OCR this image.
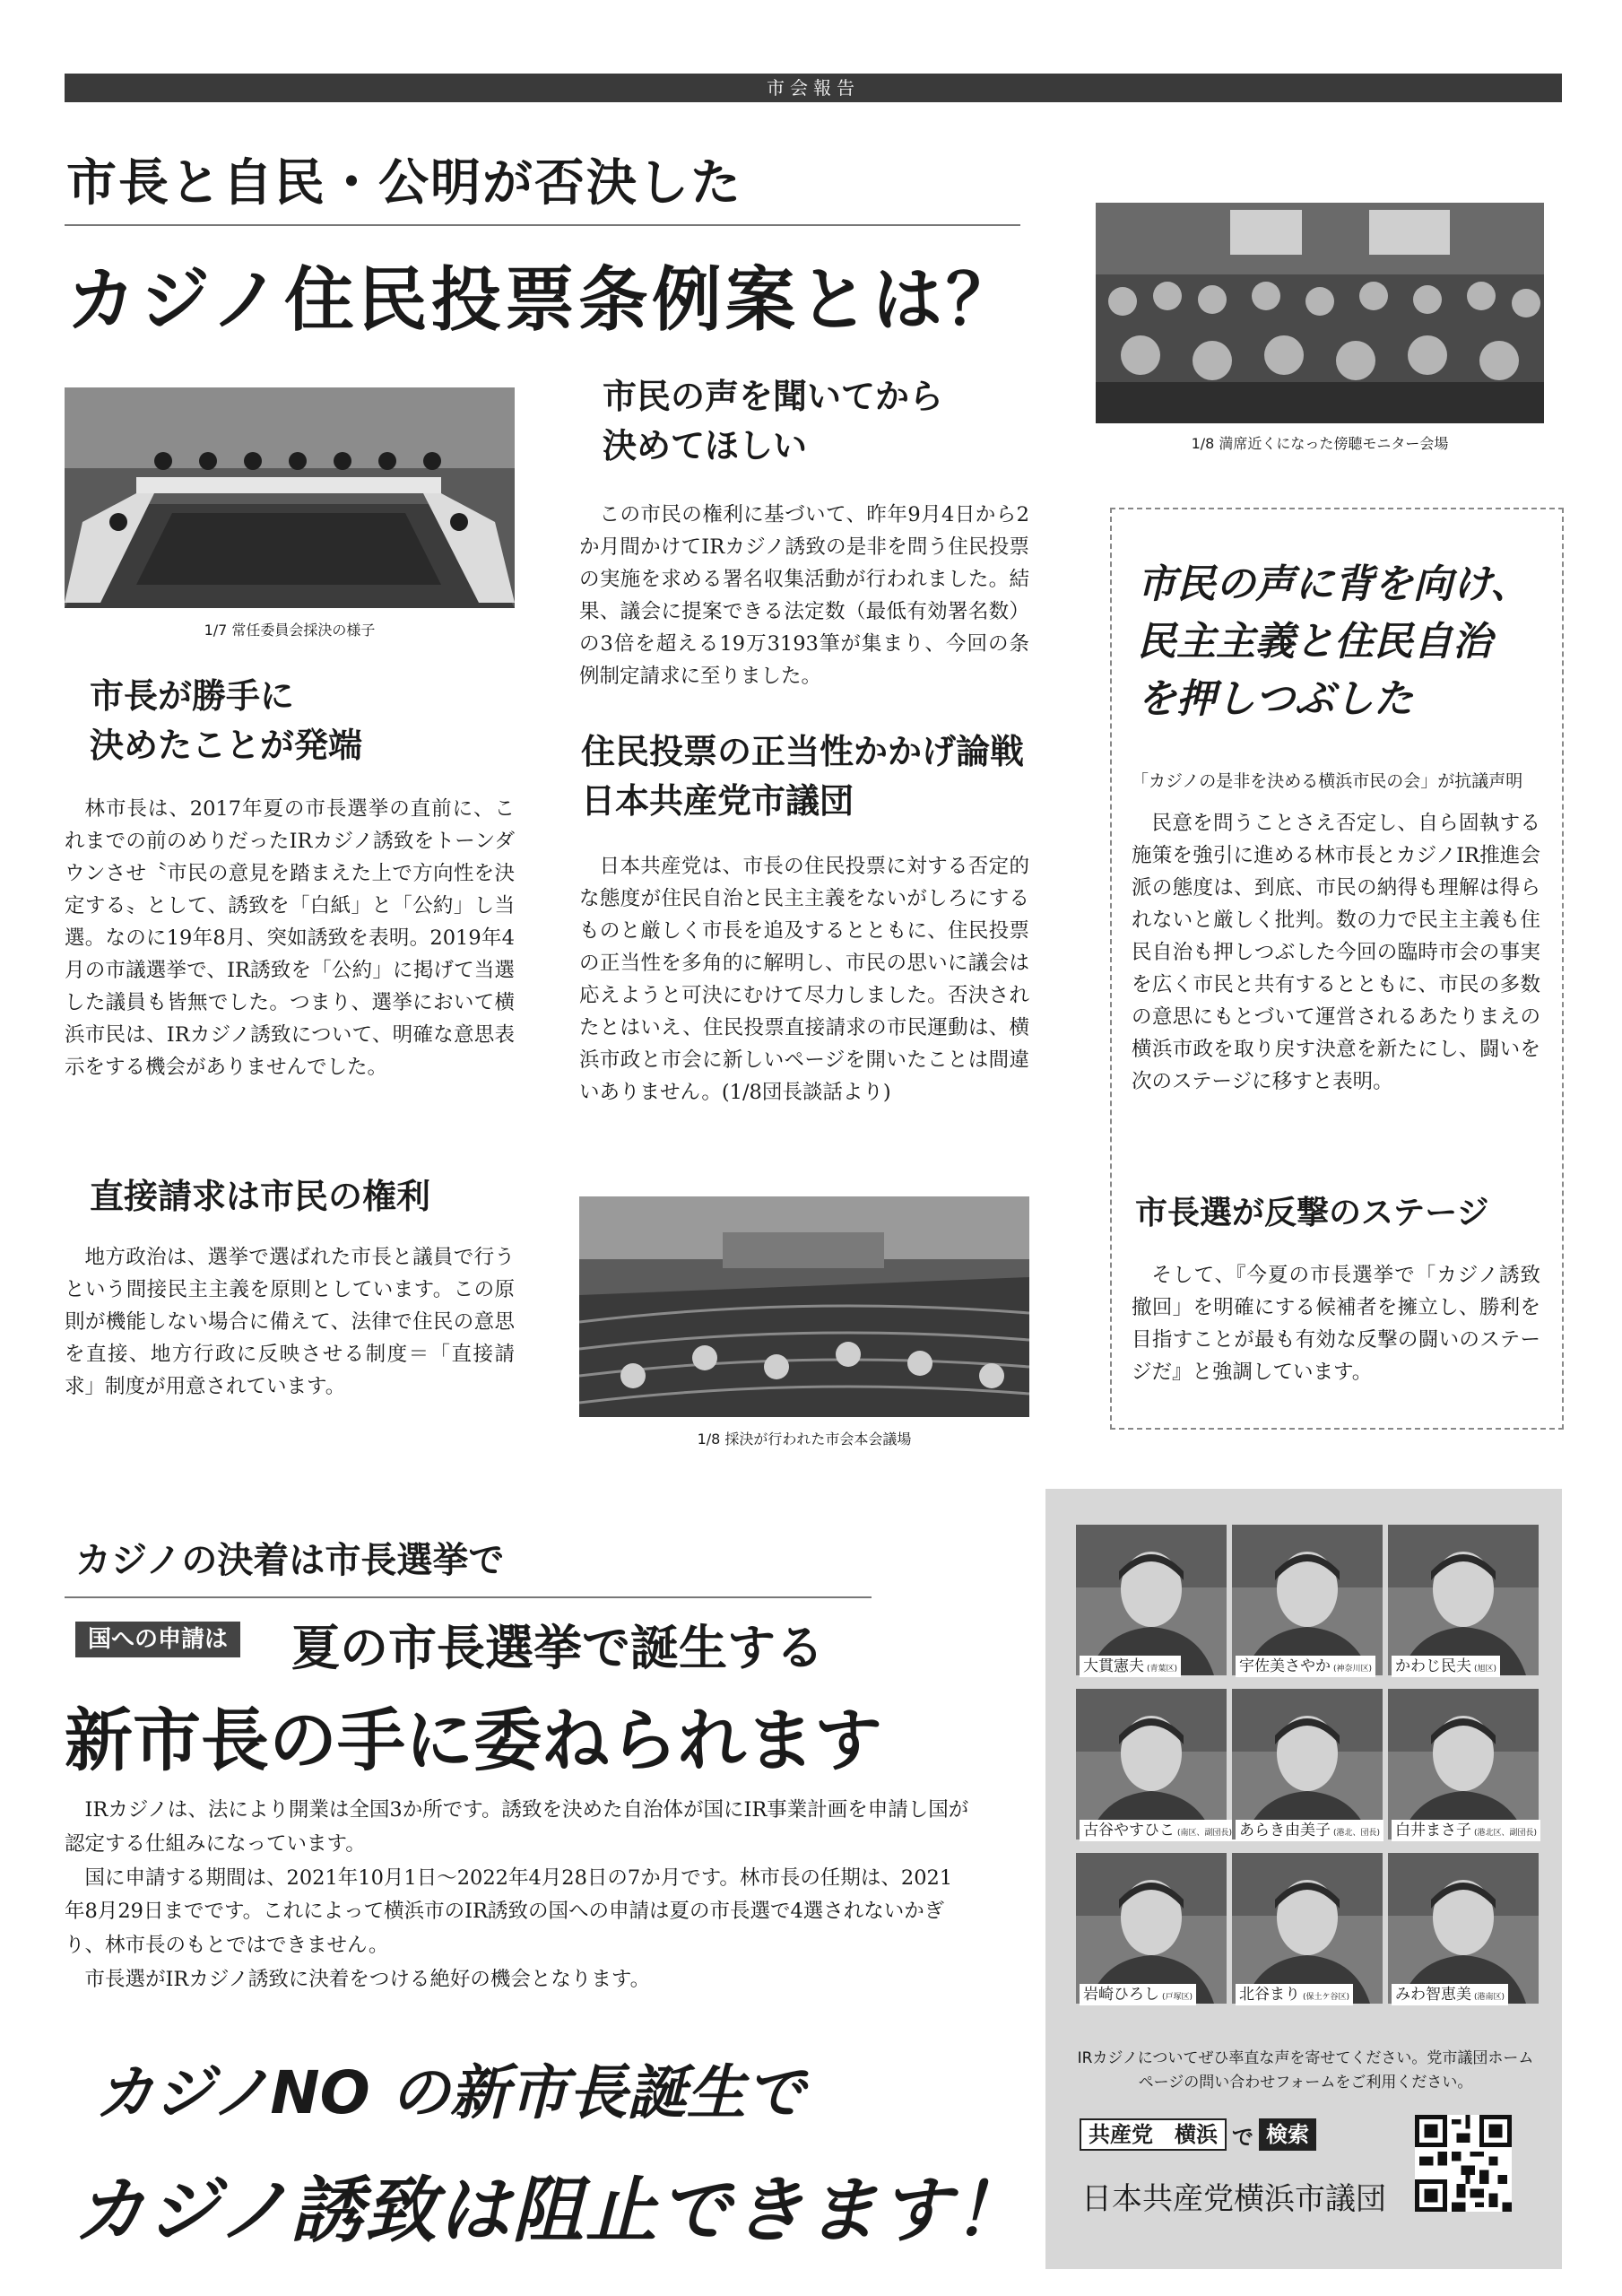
市会報告
市長と自民・公明が否決した
カジノ住民投票条例案とは？
1/7 常任委員会採決の様子
1/8 満席近くになった傍聴モニター会場
1/8 採決が行われた市会本会議場
市長が勝手に
決めたことが発端

林市長は、2017年夏の市長選挙の直前に、これまでの前のめりだったIRカジノ誘致をトーンダウンさせ〝市民の意見を踏まえた上で方向性を決定する〟として、誘致を「白紙」と「公約」し当選。なのに19年8月、突如誘致を表明。2019年4月の市議選挙で、IR誘致を「公約」に掲げて当選した議員も皆無でした。つまり、選挙において横浜市民は、IRカジノ誘致について、明確な意思表示をする機会がありませんでした。

直接請求は市民の権利

地方政治は、選挙で選ばれた市長と議員で行うという間接民主主義を原則としています。この原則が機能しない場合に備えて、法律で住民の意思を直接、地方行政に反映させる制度＝「直接請求」制度が用意されています。

市民の声を聞いてから
決めてほしい

この市民の権利に基づいて、昨年9月4日から2か月間かけてIRカジノ誘致の是非を問う住民投票の実施を求める署名収集活動が行われました。結果、議会に提案できる法定数（最低有効署名数）の3倍を超える19万3193筆が集まり、今回の条例制定請求に至りました。

住民投票の正当性かかげ論戦
日本共産党市議団

日本共産党は、市長の住民投票に対する否定的な態度が住民自治と民主主義をないがしろにするものと厳しく市長を追及するとともに、住民投票の正当性を多角的に解明し、市民の思いに議会は応えようと可決にむけて尽力しました。否決されたとはいえ、住民投票直接請求の市民運動は、横浜市政と市会に新しいページを開いたことは間違いありません。(1/8団長談話より)

市民の声に背を向け、
民主主義と住民自治
を押しつぶした
「カジノの是非を決める横浜市民の会」が抗議声明

民意を問うことさえ否定し、自ら固執する施策を強引に進める林市長とカジノIR推進会派の態度は、到底、市民の納得も理解は得られないと厳しく批判。数の力で民主主義も住民自治も押しつぶした今回の臨時市会の事実を広く市民と共有するとともに、市民の多数の意思にもとづいて運営されるあたりまえの横浜市政を取り戻す決意を新たにし、闘いを次のステージに移すと表明。

市長選が反撃のステージ

そして、『今夏の市長選挙で「カジノ誘致撤回」を明確にする候補者を擁立し、勝利を目指すことが最も有効な反撃の闘いのステージだ』と強調しています。

カジノの決着は市長選挙で
国への申請は 夏の市長選挙で誕生する
新市長の手に委ねられます

IRカジノは、法により開業は全国3か所です。誘致を決めた自治体が国にIR事業計画を申請し国が認定する仕組みになっています。

国に申請する期間は、2021年10月1日～2022年4月28日の7か月です。林市長の任期は、2021年8月29日までです。これによって横浜市のIR誘致の国への申請は夏の市長選で4選されないかぎり、林市長のもとではできません。

市長選がIRカジノ誘致に決着をつける絶好の機会となります。

カジノNO の新市長誕生で
カジノ誘致は阻止できます！
IRカジノについてぜひ率直な声を寄せてください。党市議団ホームページの問い合わせフォームをご利用ください。
共産党　横浜 で 検索
日本共産党横浜市議団
大貫憲夫 (青葉区)	宇佐美さやか (神奈川区) かわじ民夫 (旭区)
古谷やすひこ (南区、副団長) あらき由美子 (港北、団長) 白井まさ子 (港北区、副団長)
岩崎ひろし (戸塚区)	北谷まり (保土ケ谷区)	みわ智恵美 (港南区)
